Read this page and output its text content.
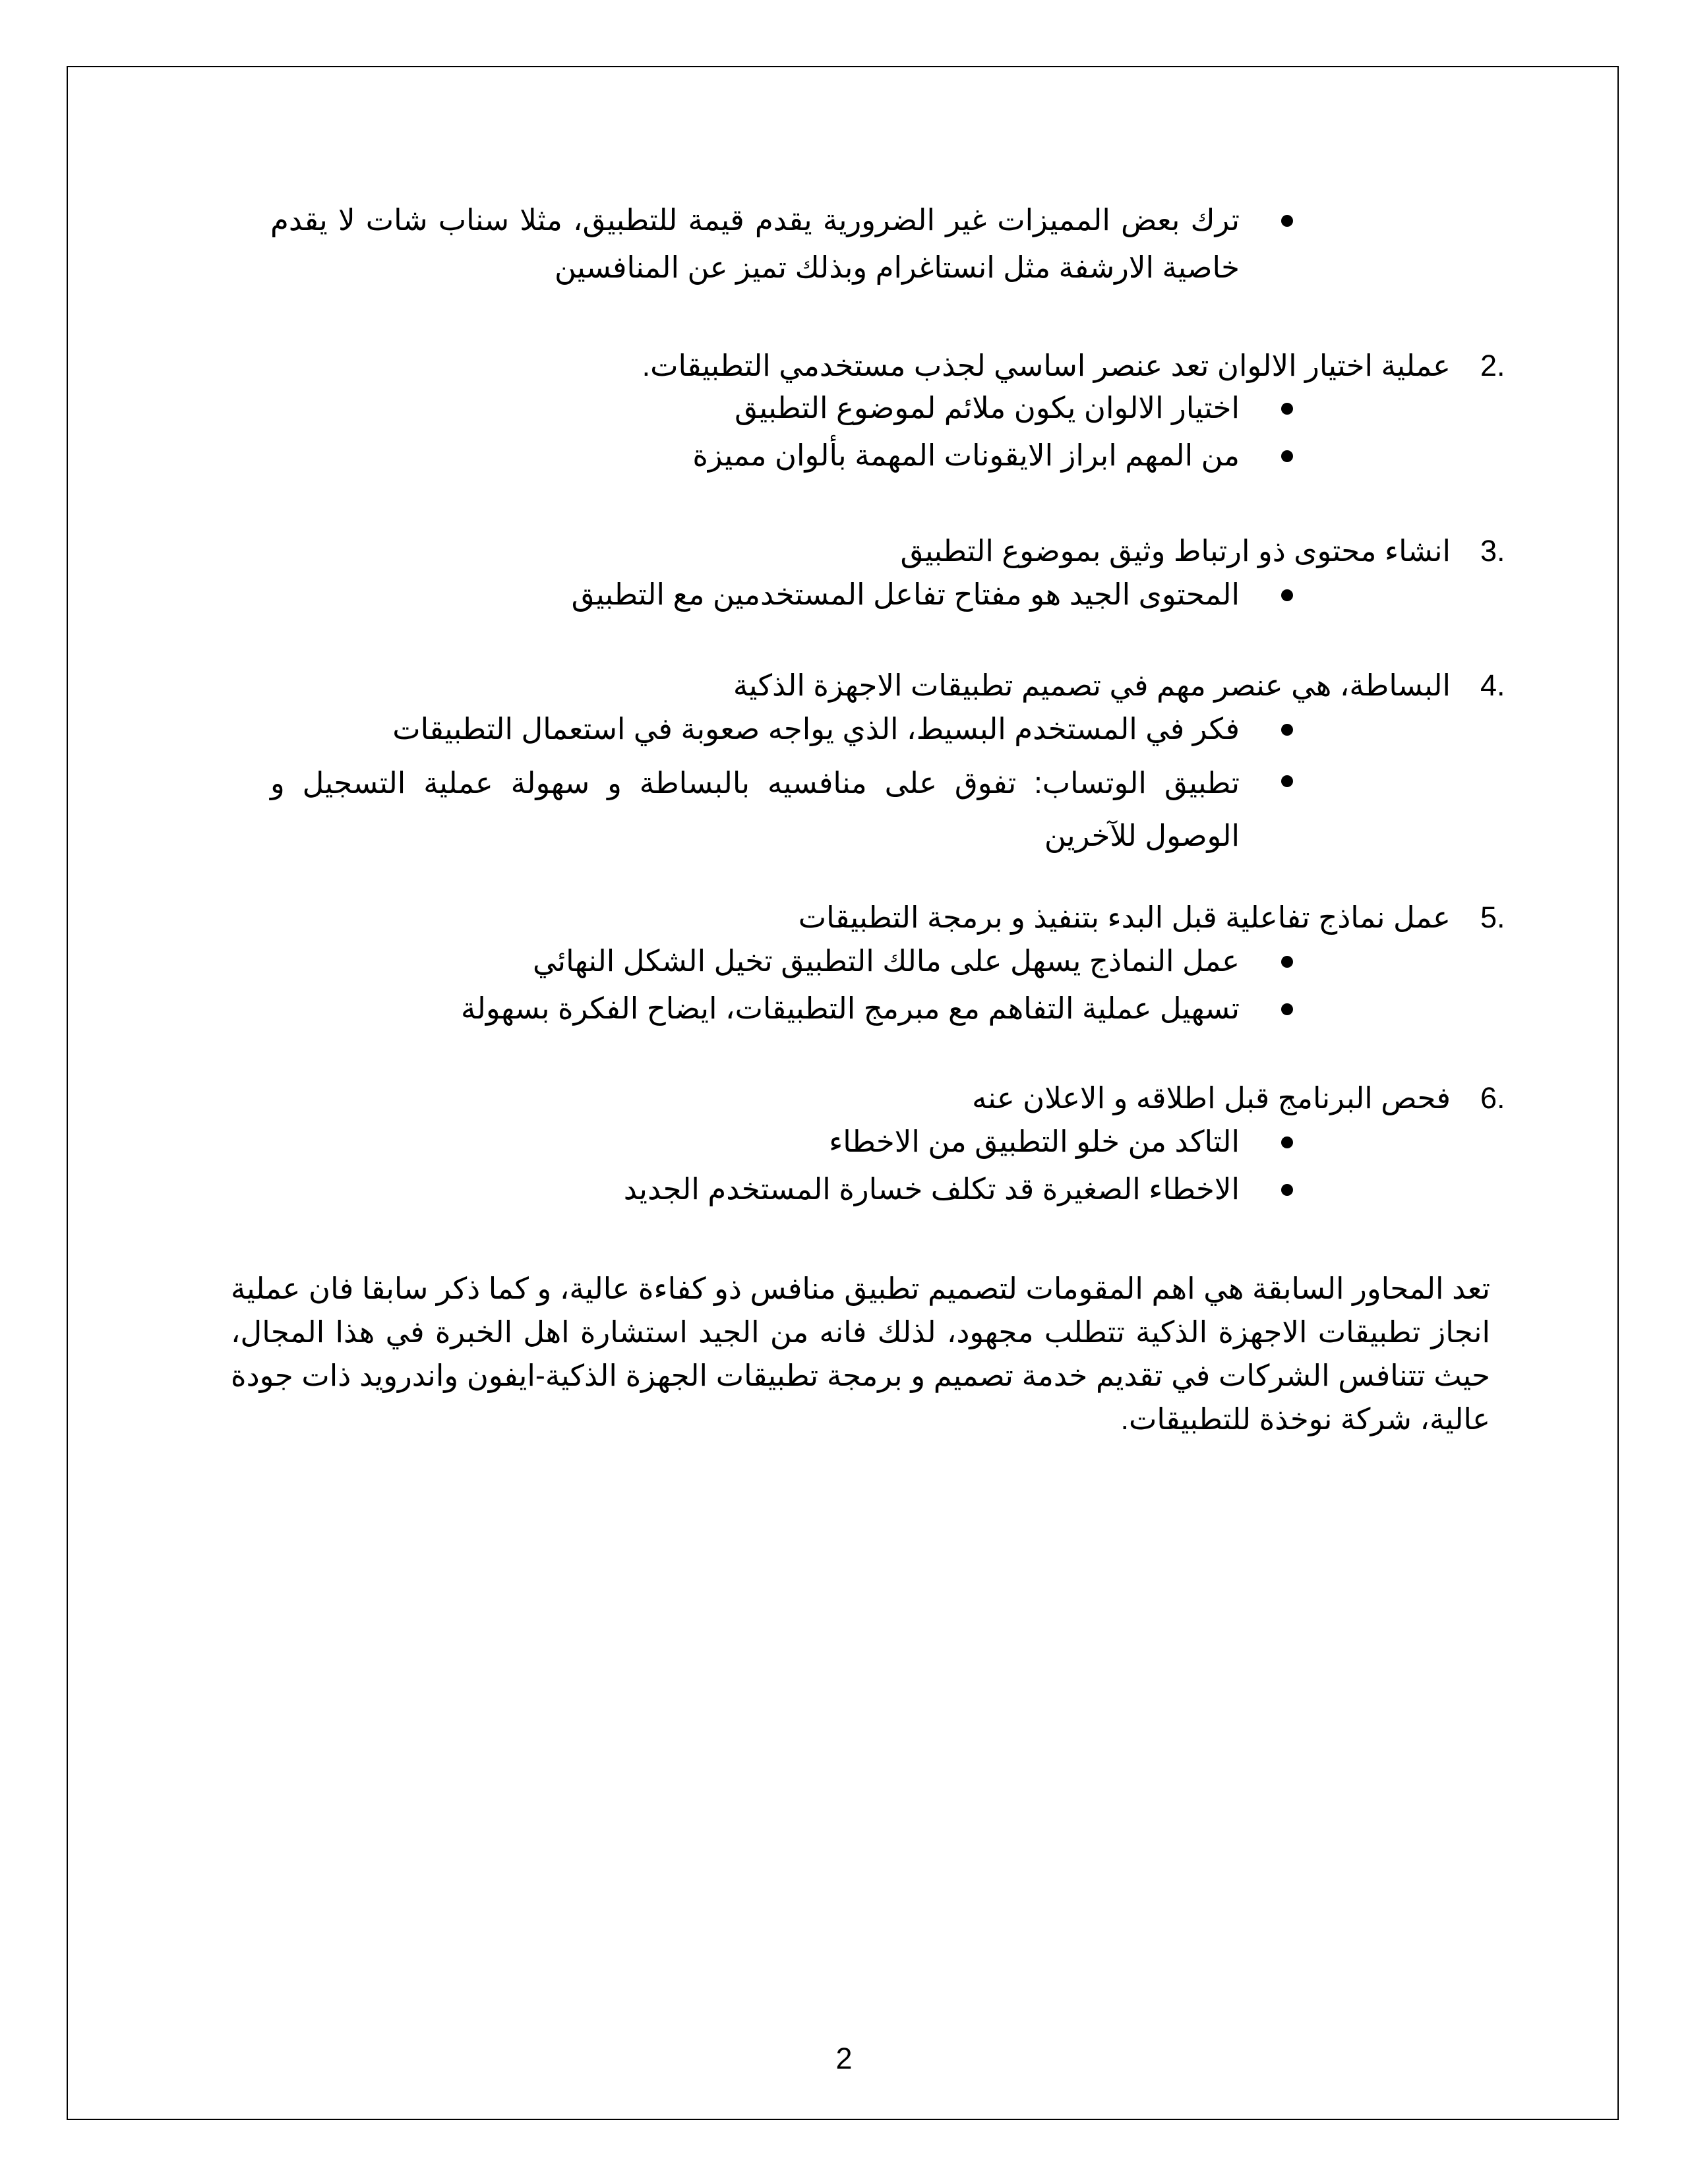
ترك بعض المميزات غير الضرورية يقدم قيمة للتطبيق، مثلا سناب شات لا يقدم خاصية الارشفة مثل انستاغرام وبذلك تميز عن المنافسين
2.
عملية اختيار الالوان تعد عنصر اساسي لجذب مستخدمي التطبيقات.
اختيار الالوان يكون ملائم لموضوع التطبيق
من المهم ابراز الايقونات المهمة بألوان مميزة
3.
انشاء محتوى ذو ارتباط وثيق بموضوع التطبيق
المحتوى الجيد هو مفتاح تفاعل المستخدمين مع التطبيق
4.
البساطة، هي عنصر مهم في تصميم تطبيقات الاجهزة الذكية
فكر في المستخدم البسيط، الذي يواجه صعوبة في استعمال التطبيقات
تطبيق الوتساب: تفوق على منافسيه بالبساطة و سهولة عملية التسجيل و الوصول للآخرين
5.
عمل نماذج تفاعلية قبل البدء بتنفيذ و برمجة التطبيقات
عمل النماذج يسهل على مالك التطبيق تخيل الشكل النهائي
تسهيل عملية التفاهم مع مبرمج التطبيقات، ايضاح الفكرة بسهولة
6.
فحص البرنامج قبل اطلاقه و الاعلان عنه
التاكد من خلو التطبيق من الاخطاء
الاخطاء الصغيرة قد تكلف خسارة المستخدم الجديد
تعد المحاور السابقة هي اهم المقومات لتصميم تطبيق منافس ذو كفاءة عالية، و كما ذكر سابقا فان عملية انجاز تطبيقات الاجهزة الذكية تتطلب مجهود، لذلك فانه من الجيد استشارة اهل الخبرة في هذا المجال، حيث تتنافس الشركات في تقديم خدمة تصميم و برمجة تطبيقات الجهزة الذكية-ايفون واندرويد ذات جودة عالية، شركة نوخذة للتطبيقات.
2
